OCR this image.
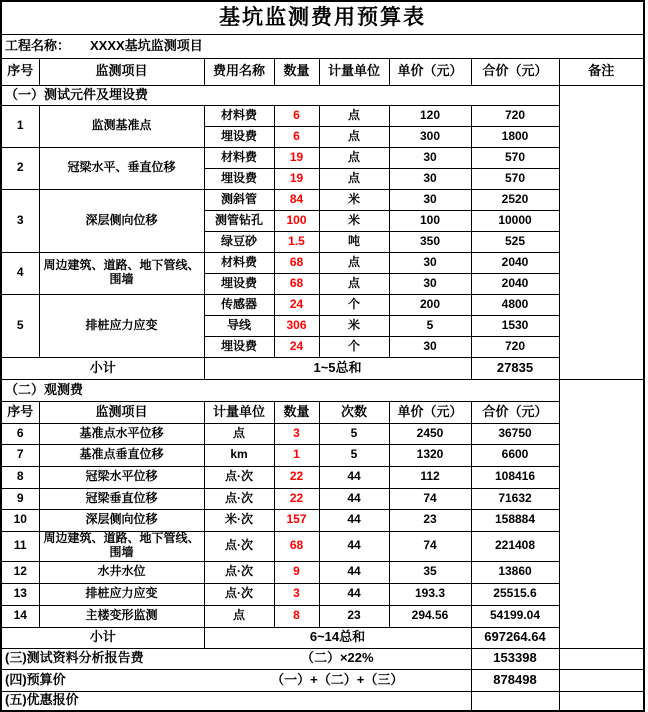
基坑监测费用预算表							
工程名称： XXXX基坑监测项目							
序号	监测项目	费用名称	数量	计量单位	单价（元）	合价（元）	备注
（一）测试元件及埋设费							
1	监测基准点	材料费	6	点	120	720	
		埋设费	6	点	300	1800	
2	冠梁水平、垂直位移	材料费	19	点	30	570	
		埋设费	19	点	30	570	
3	深层侧向位移	测斜管	84	米	30	2520	
		测管钻孔	100	米	100	10000	
		绿豆砂	1.5	吨	350	525	
4	周边建筑、道路、地下管线、围墙	材料费	68	点	30	2040	
		埋设费	68	点	30	2040	
5	排桩应力应变	传感器	24	个	200	4800	
		导线	306	米	5	1530	
		埋设费	24	个	30	720	
小计		1~5总和				27835	
（二）观测费							
序号	监测项目	计量单位	数量	次数	单价（元）	合价（元）	
6	基准点水平位移	点	3	5	2450	36750	
7	基准点垂直位移	km	1	5	1320	6600	
8	冠梁水平位移	点·次	22	44	112	108416	
9	冠梁垂直位移	点·次	22	44	74	71632	
10	深层侧向位移	米·次	157	44	23	158884	
11	周边建筑、道路、地下管线、围墙	点·次	68	44	74	221408	
12	水井水位	点·次	9	44	35	13860	
13	排桩应力应变	点·次	3	44	193.3	25515.6	
14	主楼变形监测	点	8	23	294.56	54199.04	
小计		6~14总和				697264.64	
(三)测试资料分析报告费		（二）×22%				153398	
(四)预算价		（一）+（二）+（三）				878498	
(五)优惠报价							
